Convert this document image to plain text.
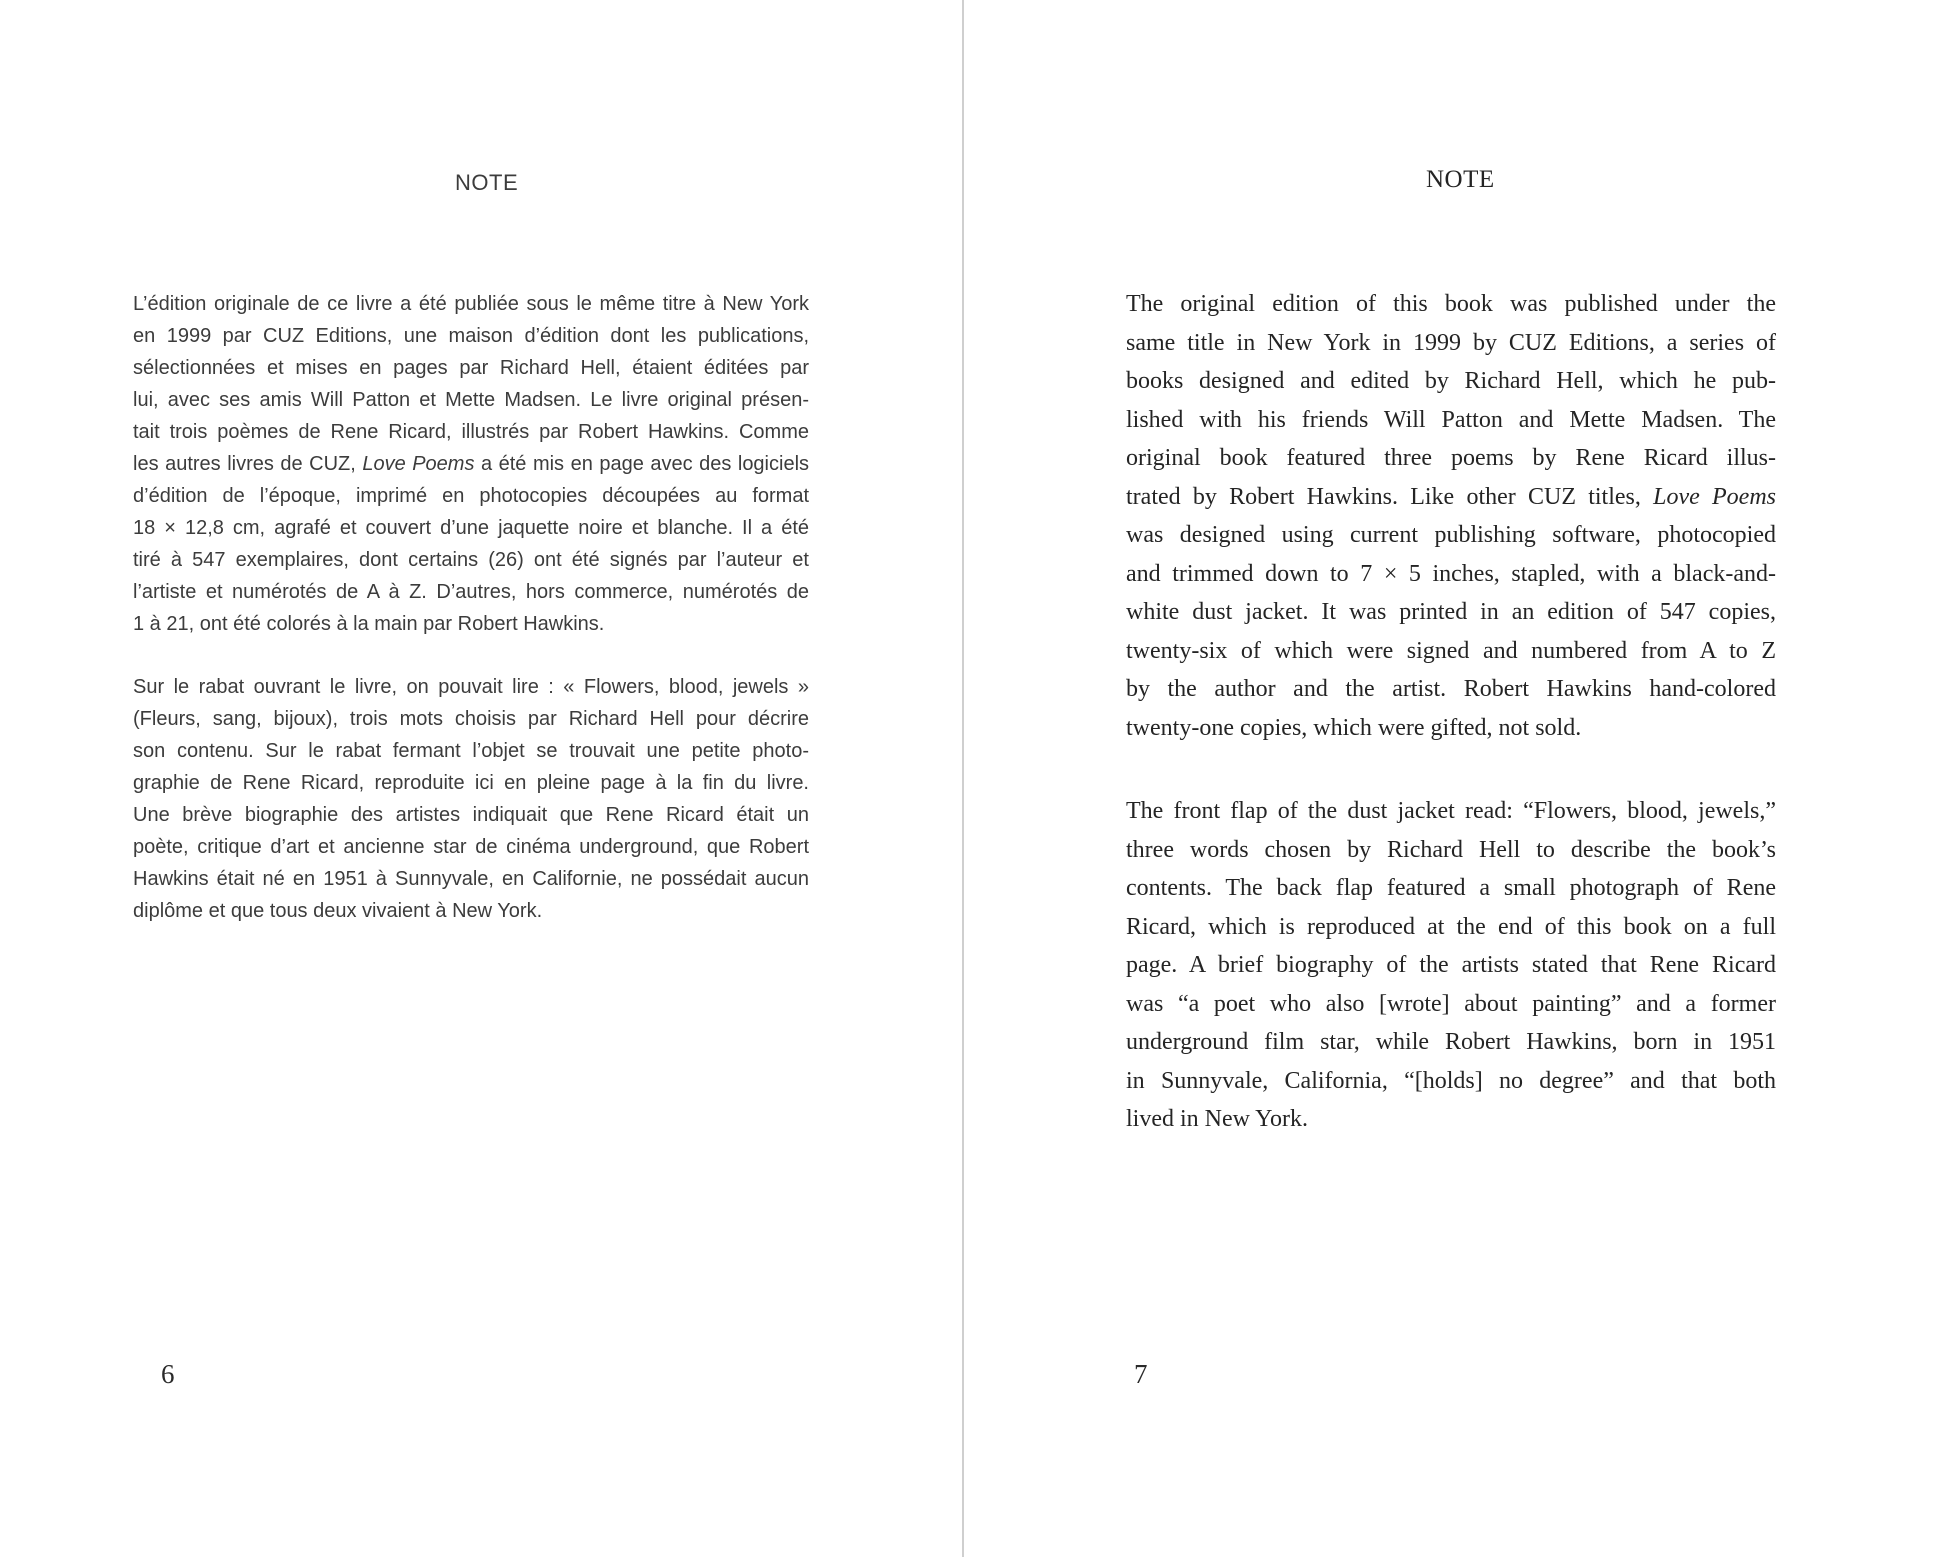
NOTE
L’édition originale de ce livre a été publiée sous le même titre à New York
en 1999 par CUZ Editions, une maison d’édition dont les publications,
sélectionnées et mises en pages par Richard Hell, étaient éditées par
lui, avec ses amis Will Patton et Mette Madsen. Le livre original présen-
tait trois poèmes de Rene Ricard, illustrés par Robert Hawkins. Comme
les autres livres de CUZ, Love Poems a été mis en page avec des logiciels
d’édition de l’époque, imprimé en photocopies découpées au format
18 × 12,8 cm, agrafé et couvert d’une jaquette noire et blanche. Il a été
tiré à 547 exemplaires, dont certains (26) ont été signés par l’auteur et
l’artiste et numérotés de A à Z. D’autres, hors commerce, numérotés de
1 à 21, ont été colorés à la main par Robert Hawkins.
Sur le rabat ouvrant le livre, on pouvait lire : « Flowers, blood, jewels »
(Fleurs, sang, bijoux), trois mots choisis par Richard Hell pour décrire
son contenu. Sur le rabat fermant l’objet se trouvait une petite photo-
graphie de Rene Ricard, reproduite ici en pleine page à la fin du livre.
Une brève biographie des artistes indiquait que Rene Ricard était un
poète, critique d’art et ancienne star de cinéma underground, que Robert
Hawkins était né en 1951 à Sunnyvale, en Californie, ne possédait aucun
diplôme et que tous deux vivaient à New York.
6
NOTE
The original edition of this book was published under the
same title in New York in 1999 by CUZ Editions, a series of
books designed and edited by Richard Hell, which he pub-
lished with his friends Will Patton and Mette Madsen. The
original book featured three poems by Rene Ricard illus-
trated by Robert Hawkins. Like other CUZ titles, Love Poems
was designed using current publishing software, photocopied
and trimmed down to 7 × 5 inches, stapled, with a black-and-
white dust jacket. It was printed in an edition of 547 copies,
twenty-six of which were signed and numbered from A to Z
by the author and the artist. Robert Hawkins hand-colored
twenty-one copies, which were gifted, not sold.
The front flap of the dust jacket read: “Flowers, blood, jewels,”
three words chosen by Richard Hell to describe the book’s
contents. The back flap featured a small photograph of Rene
Ricard, which is reproduced at the end of this book on a full
page. A brief biography of the artists stated that Rene Ricard
was “a poet who also [wrote] about painting” and a former
underground film star, while Robert Hawkins, born in 1951
in Sunnyvale, California, “[holds] no degree” and that both
lived in New York.
7
